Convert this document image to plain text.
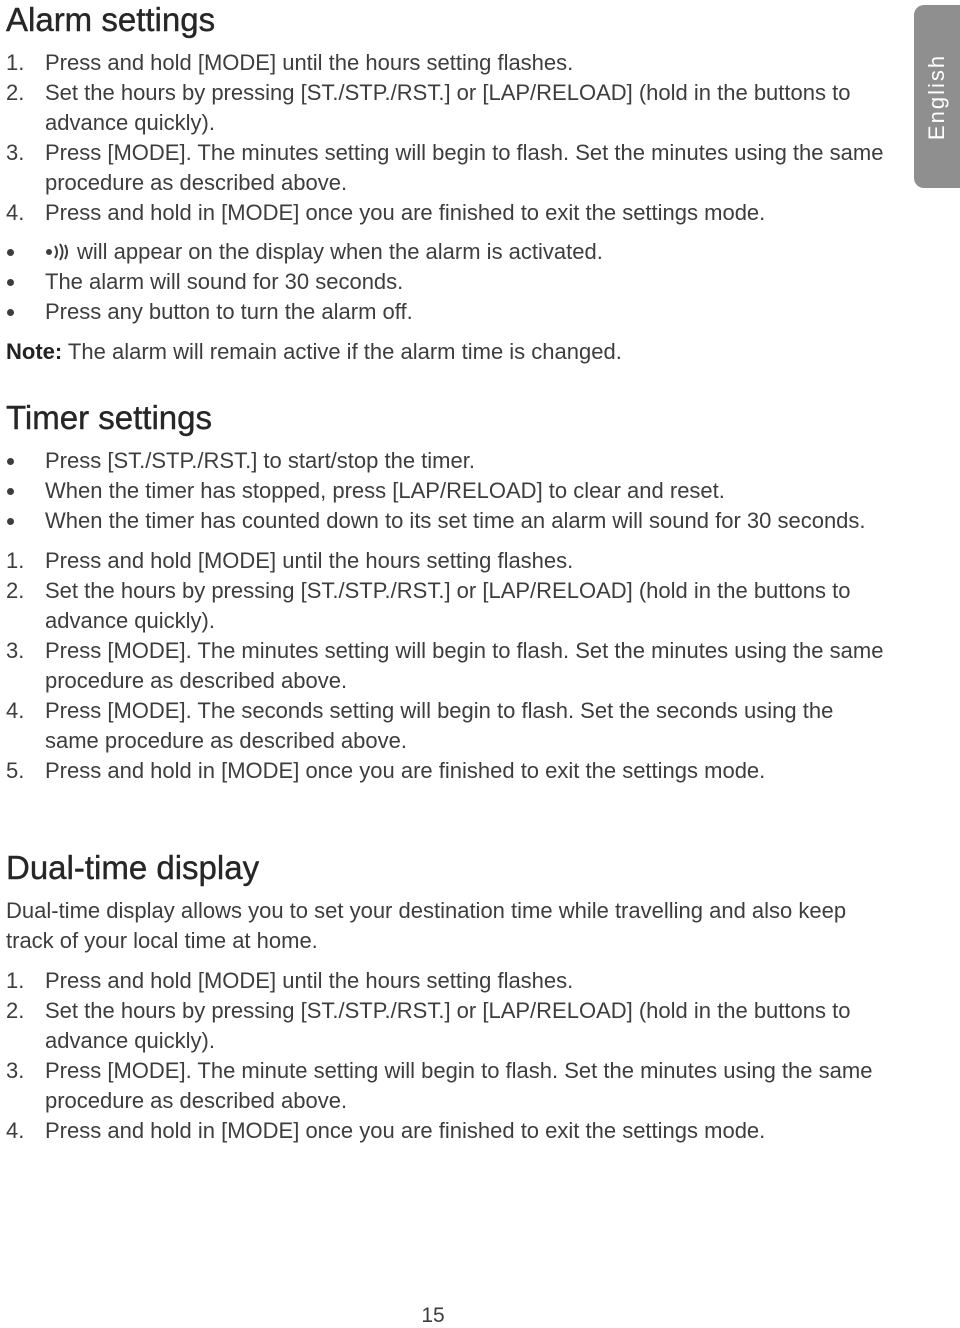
English
Alarm settings
1. Press and hold [MODE] until the hours setting flashes.
2. Set the hours by pressing [ST./STP./RST.] or [LAP/RELOAD] (hold in the buttons to advance quickly).
3. Press [MODE]. The minutes setting will begin to flash. Set the minutes using the same procedure as described above.
4. Press and hold in [MODE] once you are finished to exit the settings mode.
will appear on the display when the alarm is activated.
The alarm will sound for 30 seconds.
Press any button to turn the alarm off.
Note: The alarm will remain active if the alarm time is changed.
Timer settings
Press [ST./STP./RST.] to start/stop the timer.
When the timer has stopped, press [LAP/RELOAD] to clear and reset.
When the timer has counted down to its set time an alarm will sound for 30 seconds.
1. Press and hold [MODE] until the hours setting flashes.
2. Set the hours by pressing [ST./STP./RST.] or [LAP/RELOAD] (hold in the buttons to advance quickly).
3. Press [MODE]. The minutes setting will begin to flash. Set the minutes using the same procedure as described above.
4. Press [MODE]. The seconds setting will begin to flash. Set the seconds using the same procedure as described above.
5. Press and hold in [MODE] once you are finished to exit the settings mode.
Dual-time display
Dual-time display allows you to set your destination time while travelling and also keep track of your local time at home.
1. Press and hold [MODE] until the hours setting flashes.
2. Set the hours by pressing [ST./STP./RST.] or [LAP/RELOAD] (hold in the buttons to advance quickly).
3. Press [MODE]. The minute setting will begin to flash. Set the minutes using the same procedure as described above.
4. Press and hold in [MODE] once you are finished to exit the settings mode.
15
